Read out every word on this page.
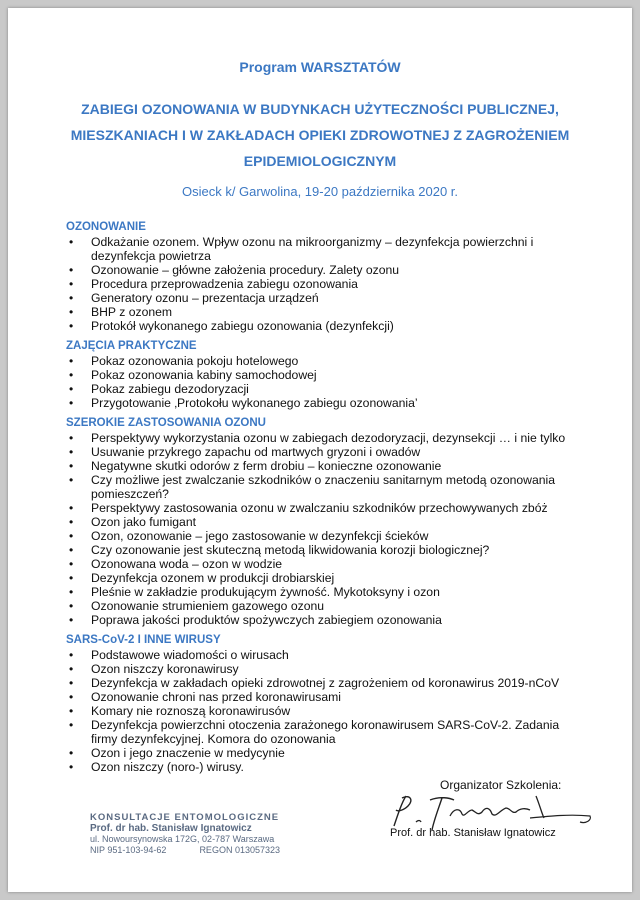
Program WARSZTATÓW
ZABIEGI OZONOWANIA W BUDYNKACH UŻYTECZNOŚCI PUBLICZNEJ,
MIESZKANIACH I W ZAKŁADACH OPIEKI ZDROWOTNEJ Z ZAGROŻENIEM
EPIDEMIOLOGICZNYM
Osieck k/ Garwolina, 19-20 października 2020 r.
OZONOWANIE
• Odkażanie ozonem. Wpływ ozonu na mikroorganizmy – dezynfekcja powierzchni i dezynfekcja powietrza
• Ozonowanie – główne założenia procedury. Zalety ozonu
• Procedura przeprowadzenia zabiegu ozonowania
• Generatory ozonu – prezentacja urządzeń
• BHP z ozonem
• Protokół wykonanego zabiegu ozonowania (dezynfekcji)
ZAJĘCIA PRAKTYCZNE
• Pokaz ozonowania pokoju hotelowego
• Pokaz ozonowania kabiny samochodowej
• Pokaz zabiegu dezodoryzacji
• Przygotowanie ‚Protokołu wykonanego zabiegu ozonowania’
SZEROKIE ZASTOSOWANIA OZONU
• Perspektywy wykorzystania ozonu w zabiegach dezodoryzacji, dezynsekcji … i nie tylko
• Usuwanie przykrego zapachu od martwych gryzoni i owadów
• Negatywne skutki odorów z ferm drobiu – konieczne ozonowanie
• Czy możliwe jest zwalczanie szkodników o znaczeniu sanitarnym metodą ozonowania pomieszczeń?
• Perspektywy zastosowania ozonu w zwalczaniu szkodników przechowywanych zbóż
• Ozon jako fumigant
• Ozon, ozonowanie – jego zastosowanie w dezynfekcji ścieków
• Czy ozonowanie jest skuteczną metodą likwidowania korozji biologicznej?
• Ozonowana woda – ozon w wodzie
• Dezynfekcja ozonem w produkcji drobiarskiej
• Pleśnie w zakładzie produkującym żywność. Mykotoksyny i ozon
• Ozonowanie strumieniem gazowego ozonu
• Poprawa jakości produktów spożywczych zabiegiem ozonowania
SARS-CoV-2 I INNE WIRUSY
• Podstawowe wiadomości o wirusach
• Ozon niszczy koronawirusy
• Dezynfekcja w zakładach opieki zdrowotnej z zagrożeniem od koronawirus 2019-nCoV
• Ozonowanie chroni nas przed koronawirusami
• Komary nie roznoszą koronawirusów
• Dezynfekcja powierzchni otoczenia zarażonego koronawirusem SARS-CoV-2. Zadania firmy dezynfekcyjnej. Komora do ozonowania
• Ozon i jego znaczenie w medycynie
• Ozon niszczy (noro-) wirusy.
Organizator Szkolenia:
Prof. dr hab. Stanisław Ignatowicz
KONSULTACJE ENTOMOLOGICZNE
Prof. dr hab. Stanisław Ignatowicz
ul. Nowoursynowska 172G, 02-787 Warszawa
NIP 951-103-94-62	REGON 013057323
